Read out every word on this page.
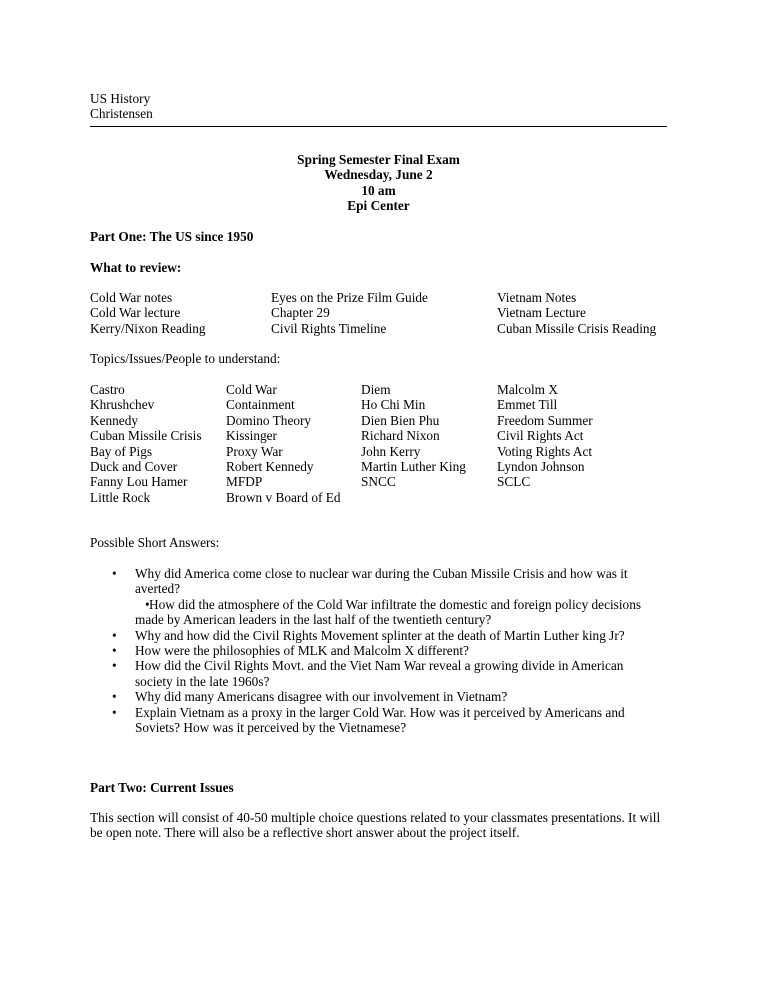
US History
Christensen
Spring Semester Final Exam
Wednesday, June 2
10 am
Epi Center
Part One: The US since 1950
What to review:
Cold War notes
Cold War lecture
Kerry/Nixon Reading
Eyes on the Prize Film Guide
Chapter 29
Civil Rights Timeline
Vietnam Notes
Vietnam Lecture
Cuban Missile Crisis Reading
Topics/Issues/People to understand:
Castro
Khrushchev
Kennedy
Cuban Missile Crisis
Bay of Pigs
Duck and Cover
Fanny Lou Hamer
Little Rock
Cold War
Containment
Domino Theory
Kissinger
Proxy War
Robert Kennedy
MFDP
Brown v Board of Ed
Diem
Ho Chi Min
Dien Bien Phu
Richard Nixon
John Kerry
Martin Luther King
SNCC
Malcolm X
Emmet Till
Freedom Summer
Civil Rights Act
Voting Rights Act
Lyndon Johnson
SCLC
Possible Short Answers:
• Why did America come close to nuclear war during the Cuban Missile Crisis and how was it averted?
• How did the atmosphere of the Cold War infiltrate the domestic and foreign policy decisions made by American leaders in the last half of the twentieth century?
• Why and how did the Civil Rights Movement splinter at the death of Martin Luther king Jr?
• How were the philosophies of MLK and Malcolm X different?
• How did the Civil Rights Movt. and the Viet Nam War reveal a growing divide in American society in the late 1960s?
• Why did many Americans disagree with our involvement in Vietnam?
• Explain Vietnam as a proxy in the larger Cold War. How was it perceived by Americans and Soviets? How was it perceived by the Vietnamese?
Part Two: Current Issues
This section will consist of 40-50 multiple choice questions related to your classmates presentations. It will be open note. There will also be a reflective short answer about the project itself.
